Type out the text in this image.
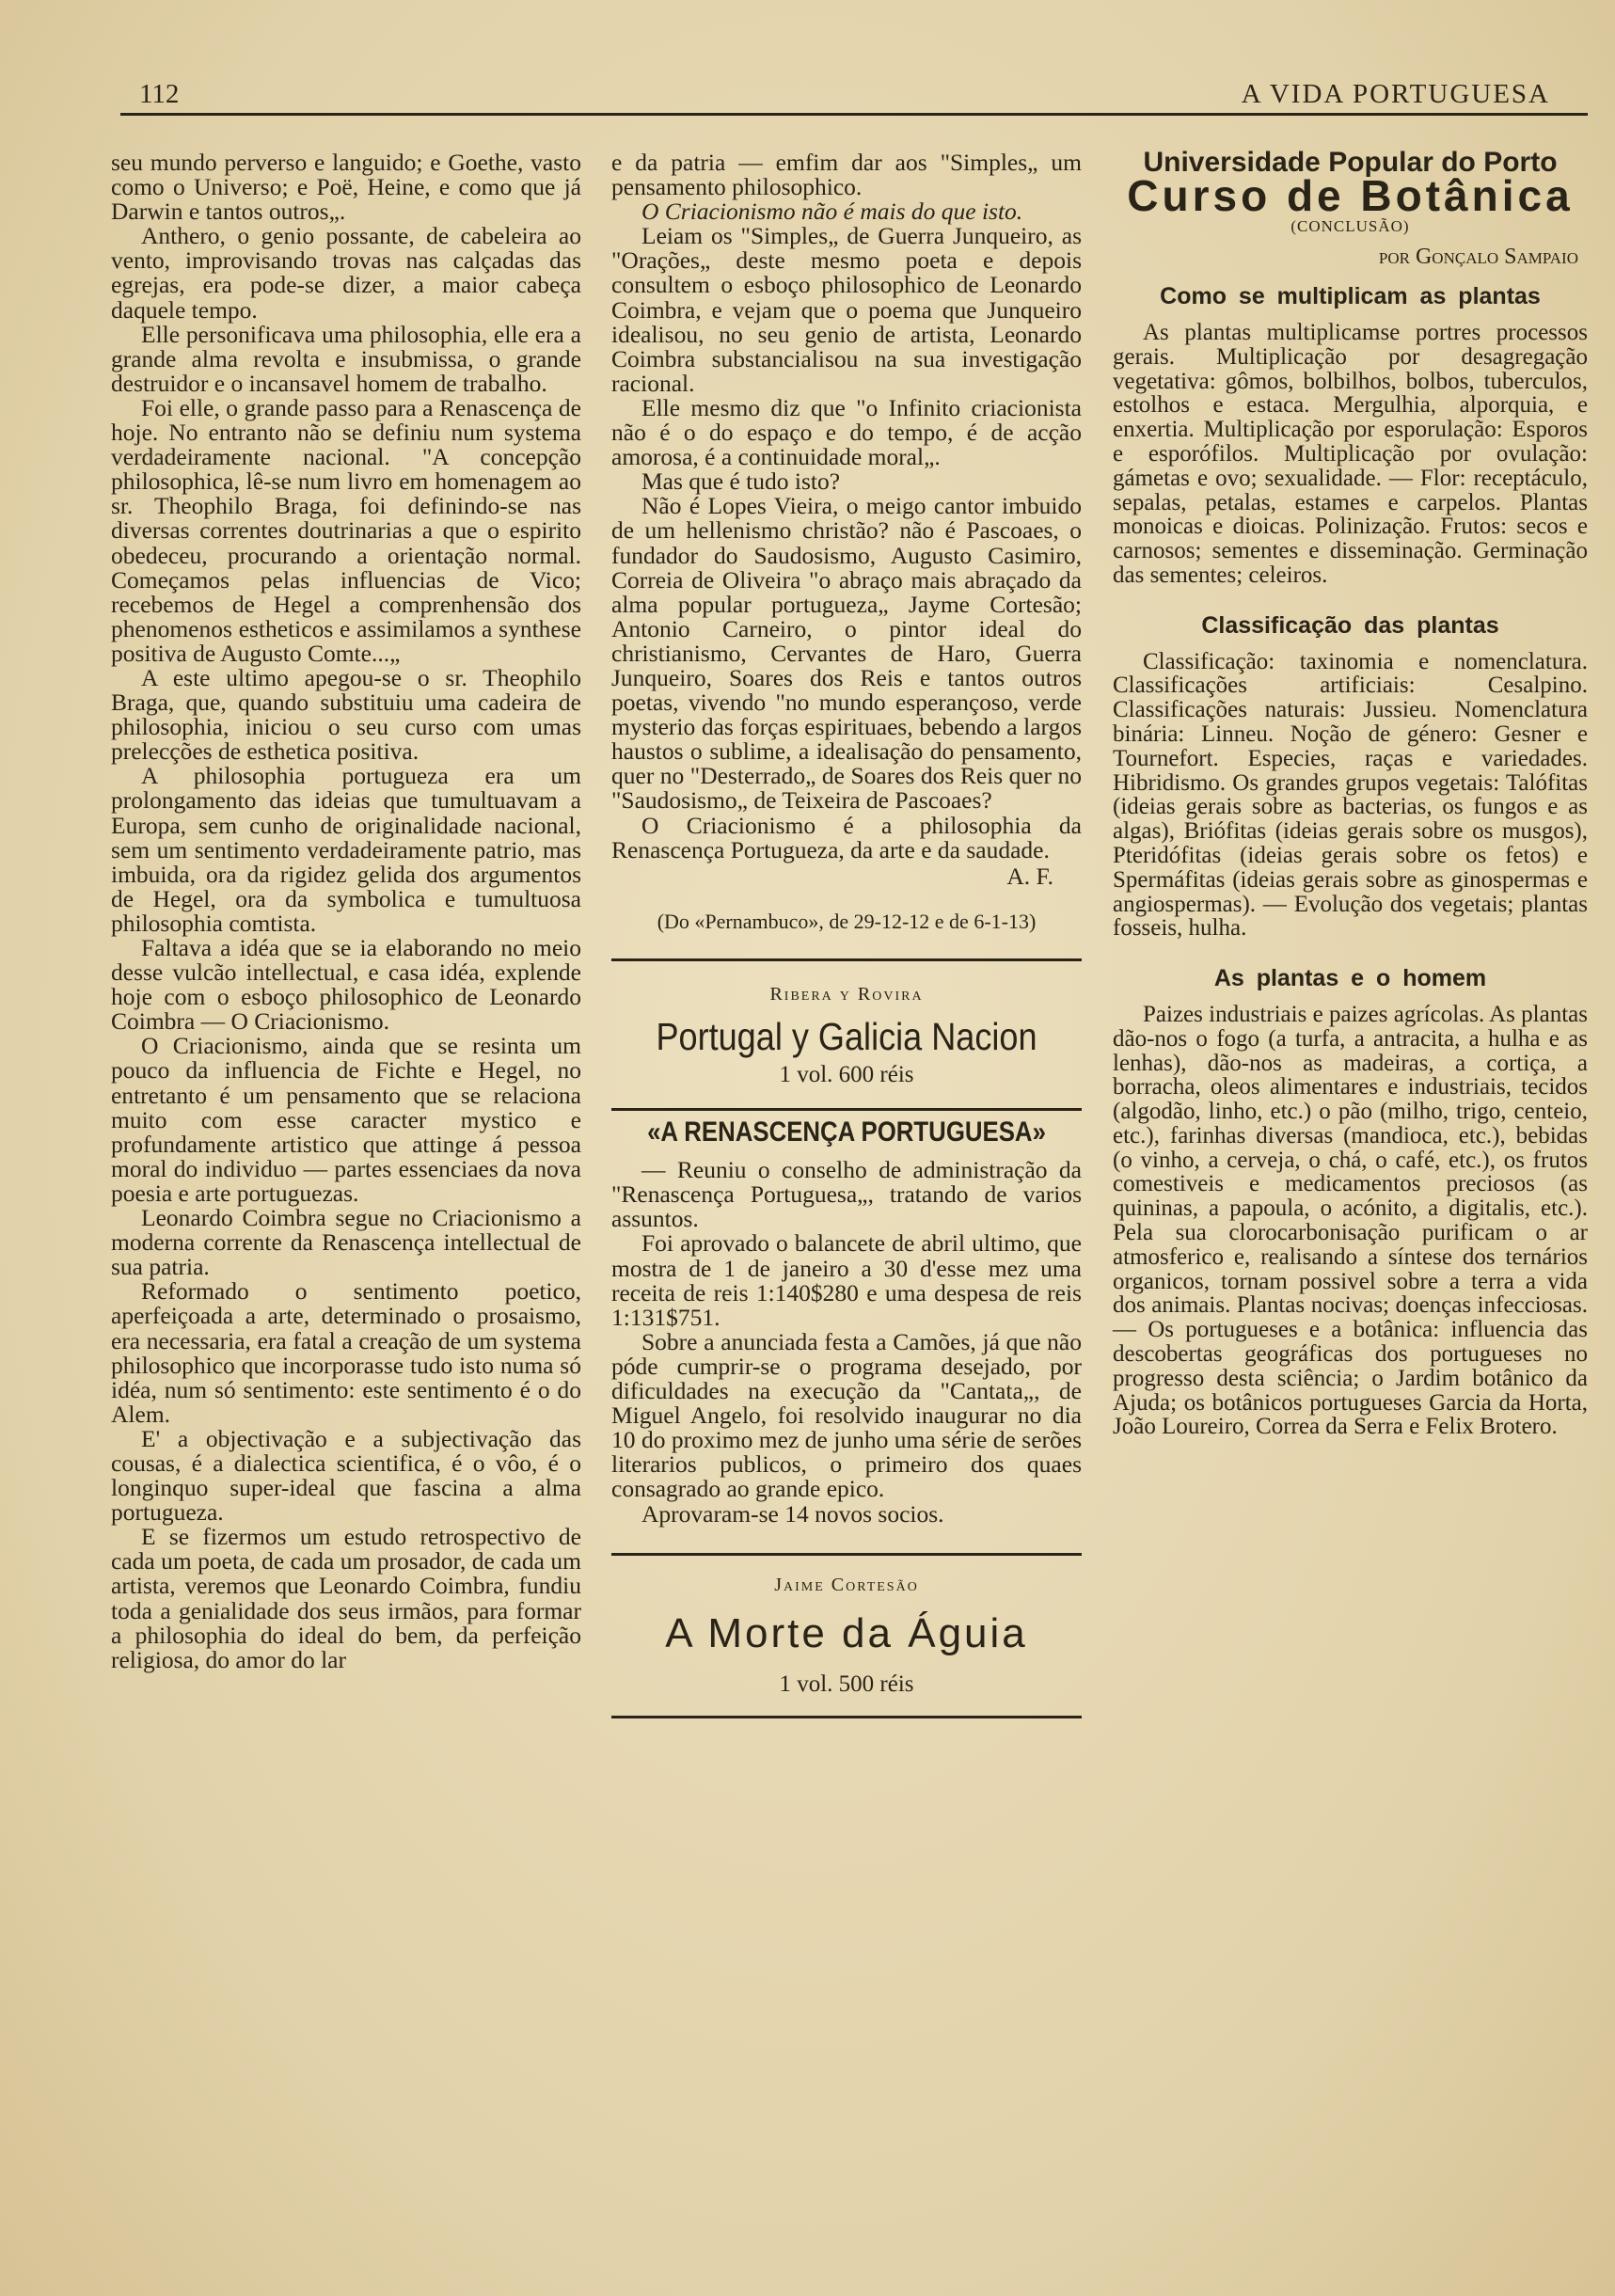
112	A VIDA PORTUGUESA

seu mundo perverso e languido; e Goethe, vasto como o Universo; e Poë, Heine, e como que já Darwin e tantos outros„.

Anthero, o genio possante, de cabeleira ao vento, improvisando trovas nas calçadas das egrejas, era pode-se dizer, a maior cabeça daquele tempo.

Elle personificava uma philosophia, elle era a grande alma revolta e insubmissa, o grande destruidor e o incansavel homem de trabalho.

Foi elle, o grande passo para a Renascença de hoje. No entranto não se definiu num systema verdadeiramente nacional. "A concepção philosophica, lê-se num livro em homenagem ao sr. Theophilo Braga, foi definindo-se nas diversas correntes doutrinarias a que o espirito obedeceu, procurando a orientação normal. Começamos pelas influencias de Vico; recebemos de Hegel a comprenhensão dos phenomenos estheticos e assimilamos a synthese positiva de Augusto Comte...„

A este ultimo apegou-se o sr. Theophilo Braga, que, quando substituiu uma cadeira de philosophia, iniciou o seu curso com umas prelecções de esthetica positiva.

A philosophia portugueza era um prolongamento das ideias que tumultuavam a Europa, sem cunho de originalidade nacional, sem um sentimento verdadeiramente patrio, mas imbuida, ora da rigidez gelida dos argumentos de Hegel, ora da symbolica e tumultuosa philosophia comtista.

Faltava a idéa que se ia elaborando no meio desse vulcão intellectual, e casa idéa, explende hoje com o esboço philosophico de Leonardo Coimbra — O Criacionismo.

O Criacionismo, ainda que se resinta um pouco da influencia de Fichte e Hegel, no entretanto é um pensamento que se relaciona muito com esse caracter mystico e profundamente artistico que attinge á pessoa moral do individuo — partes essenciaes da nova poesia e arte portuguezas.

Leonardo Coimbra segue no Criacionismo a moderna corrente da Renascença intellectual de sua patria.

Reformado o sentimento poetico, aperfeiçoada a arte, determinado o prosaismo, era necessaria, era fatal a creação de um systema philosophico que incorporasse tudo isto numa só idéa, num só sentimento: este sentimento é o do Alem.

E' a objectivação e a subjectivação das cousas, é a dialectica scientifica, é o vôo, é o longinquo super-ideal que fascina a alma portugueza.

E se fizermos um estudo retrospectivo de cada um poeta, de cada um prosador, de cada um artista, veremos que Leonardo Coimbra, fundiu toda a genialidade dos seus irmãos, para formar a philosophia do ideal do bem, da perfeição religiosa, do amor do lar

e da patria — emfim dar aos "Simples„ um pensamento philosophico.

O Criacionismo não é mais do que isto.

Leiam os "Simples„ de Guerra Junqueiro, as "Orações„ deste mesmo poeta e depois consultem o esboço philosophico de Leonardo Coimbra, e vejam que o poema que Junqueiro idealisou, no seu genio de artista, Leonardo Coimbra substancialisou na sua investigação racional.

Elle mesmo diz que "o Infinito criacionista não é o do espaço e do tempo, é de acção amorosa, é a continuidade moral„.

Mas que é tudo isto?

Não é Lopes Vieira, o meigo cantor imbuido de um hellenismo christão? não é Pascoaes, o fundador do Saudosismo, Augusto Casimiro, Correia de Oliveira "o abraço mais abraçado da alma popular portugueza„ Jayme Cortesão; Antonio Carneiro, o pintor ideal do christianismo, Cervantes de Haro, Guerra Junqueiro, Soares dos Reis e tantos outros poetas, vivendo "no mundo esperançoso, verde mysterio das forças espirituaes, bebendo a largos haustos o sublime, a idealisação do pensamento, quer no "Desterrado„ de Soares dos Reis quer no "Saudosismo„ de Teixeira de Pascoaes?

O Criacionismo é a philosophia da Renascença Portugueza, da arte e da saudade.

A. F.

(Do «Pernambuco», de 29-12-12 e de 6-1-13)
Ribera y Rovira
Portugal y Galicia Nacion
1 vol. 600 réis
«A RENASCENÇA PORTUGUESA»

— Reuniu o conselho de administração da "Renascença Portuguesa„, tratando de varios assuntos.

Foi aprovado o balancete de abril ultimo, que mostra de 1 de janeiro a 30 d'esse mez uma receita de reis 1:140$280 e uma despesa de reis 1:131$751.

Sobre a anunciada festa a Camões, já que não póde cumprir-se o programa desejado, por dificuldades na execução da "Cantata„, de Miguel Angelo, foi resolvido inaugurar no dia 10 do proximo mez de junho uma série de serões literarios publicos, o primeiro dos quaes consagrado ao grande epico.

Aprovaram-se 14 novos socios.

Jaime Cortesão
A Morte da Águia
1 vol. 500 réis
Universidade Popular do Porto
Curso de Botânica
(CONCLUSÃO)
por Gonçalo Sampaio
Como se multiplicam as plantas

As plantas multiplicamse portres processos gerais. Multiplicação por desagregação vegetativa: gômos, bolbilhos, bolbos, tuberculos, estolhos e estaca. Mergulhia, alporquia, e enxertia. Multiplicação por esporulação: Esporos e esporófilos. Multiplicação por ovulação: gámetas e ovo; sexualidade. — Flor: receptáculo, sepalas, petalas, estames e carpelos. Plantas monoicas e dioicas. Polinização. Frutos: secos e carnosos; sementes e disseminação. Germinação das sementes; celeiros.

Classificação das plantas

Classificação: taxinomia e nomenclatura. Classificações artificiais: Cesalpino. Classificações naturais: Jussieu. Nomenclatura binária: Linneu. Noção de género: Gesner e Tournefort. Especies, raças e variedades. Hibridismo. Os grandes grupos vegetais: Talófitas (ideias gerais sobre as bacterias, os fungos e as algas), Briófitas (ideias gerais sobre os musgos), Pteridófitas (ideias gerais sobre os fetos) e Spermáfitas (ideias gerais sobre as ginospermas e angiospermas). — Evolução dos vegetais; plantas fosseis, hulha.

As plantas e o homem

Paizes industriais e paizes agrícolas. As plantas dão-nos o fogo (a turfa, a antracita, a hulha e as lenhas), dão-nos as madeiras, a cortiça, a borracha, oleos alimentares e industriais, tecidos (algodão, linho, etc.) o pão (milho, trigo, centeio, etc.), farinhas diversas (mandioca, etc.), bebidas (o vinho, a cerveja, o chá, o café, etc.), os frutos comestiveis e medicamentos preciosos (as quininas, a papoula, o acónito, a digitalis, etc.). Pela sua clorocarbonisação purificam o ar atmosferico e, realisando a síntese dos ternários organicos, tornam possivel sobre a terra a vida dos animais. Plantas nocivas; doenças infecciosas. — Os portugueses e a botânica: influencia das descobertas geográficas dos portugueses no progresso desta sciência; o Jardim botânico da Ajuda; os botânicos portugueses Garcia da Horta, João Loureiro, Correa da Serra e Felix Brotero.
